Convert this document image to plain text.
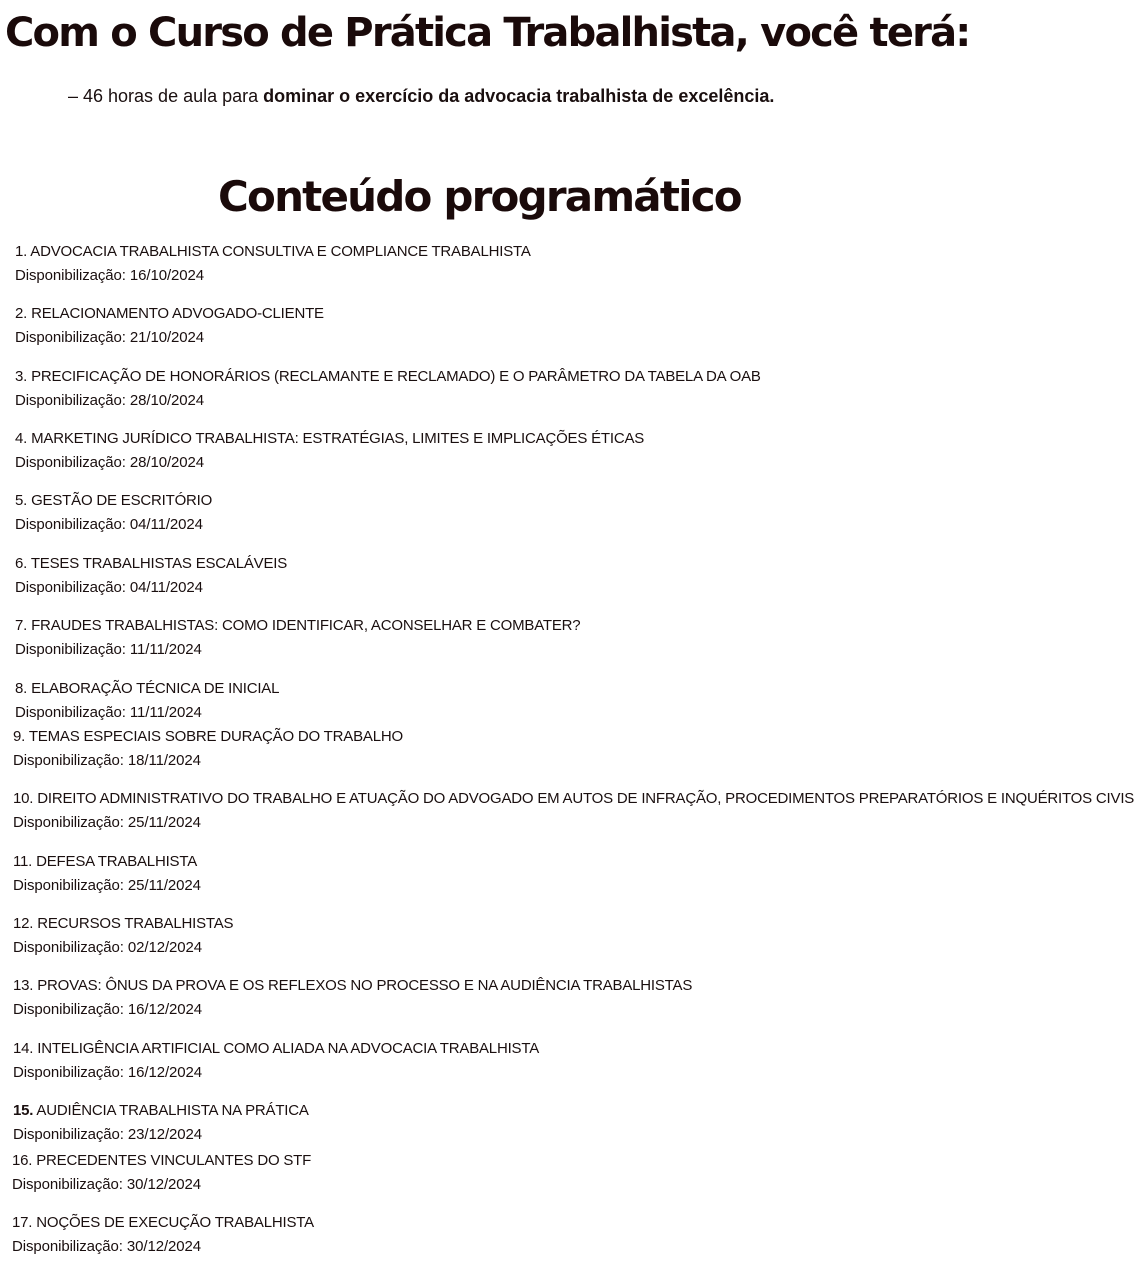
Com o Curso de Prática Trabalhista, você terá:

– 46 horas de aula para dominar o exercício da advocacia trabalhista de excelência.

Conteúdo programático
1. ADVOCACIA TRABALHISTA CONSULTIVA E COMPLIANCE TRABALHISTA
Disponibilização: 16/10/2024
2. RELACIONAMENTO ADVOGADO-CLIENTE
Disponibilização: 21/10/2024
3. PRECIFICAÇÃO DE HONORÁRIOS (RECLAMANTE E RECLAMADO) E O PARÂMETRO DA TABELA DA OAB
Disponibilização: 28/10/2024
4. MARKETING JURÍDICO TRABALHISTA: ESTRATÉGIAS, LIMITES E IMPLICAÇÕES ÉTICAS
Disponibilização: 28/10/2024
5. GESTÃO DE ESCRITÓRIO
Disponibilização: 04/11/2024
6. TESES TRABALHISTAS ESCALÁVEIS
Disponibilização: 04/11/2024
7. FRAUDES TRABALHISTAS: COMO IDENTIFICAR, ACONSELHAR E COMBATER?
Disponibilização: 11/11/2024
8. ELABORAÇÃO TÉCNICA DE INICIAL
Disponibilização: 11/11/2024
9. TEMAS ESPECIAIS SOBRE DURAÇÃO DO TRABALHO
Disponibilização: 18/11/2024
10. DIREITO ADMINISTRATIVO DO TRABALHO E ATUAÇÃO DO ADVOGADO EM AUTOS DE INFRAÇÃO, PROCEDIMENTOS PREPARATÓRIOS E INQUÉRITOS CIVIS
Disponibilização: 25/11/2024
11. DEFESA TRABALHISTA
Disponibilização: 25/11/2024
12. RECURSOS TRABALHISTAS
Disponibilização: 02/12/2024
13. PROVAS: ÔNUS DA PROVA E OS REFLEXOS NO PROCESSO E NA AUDIÊNCIA TRABALHISTAS
Disponibilização: 16/12/2024
14. INTELIGÊNCIA ARTIFICIAL COMO ALIADA NA ADVOCACIA TRABALHISTA
Disponibilização: 16/12/2024
15. AUDIÊNCIA TRABALHISTA NA PRÁTICA
Disponibilização: 23/12/2024
16. PRECEDENTES VINCULANTES DO STF
Disponibilização: 30/12/2024
17. NOÇÕES DE EXECUÇÃO TRABALHISTA
Disponibilização: 30/12/2024
